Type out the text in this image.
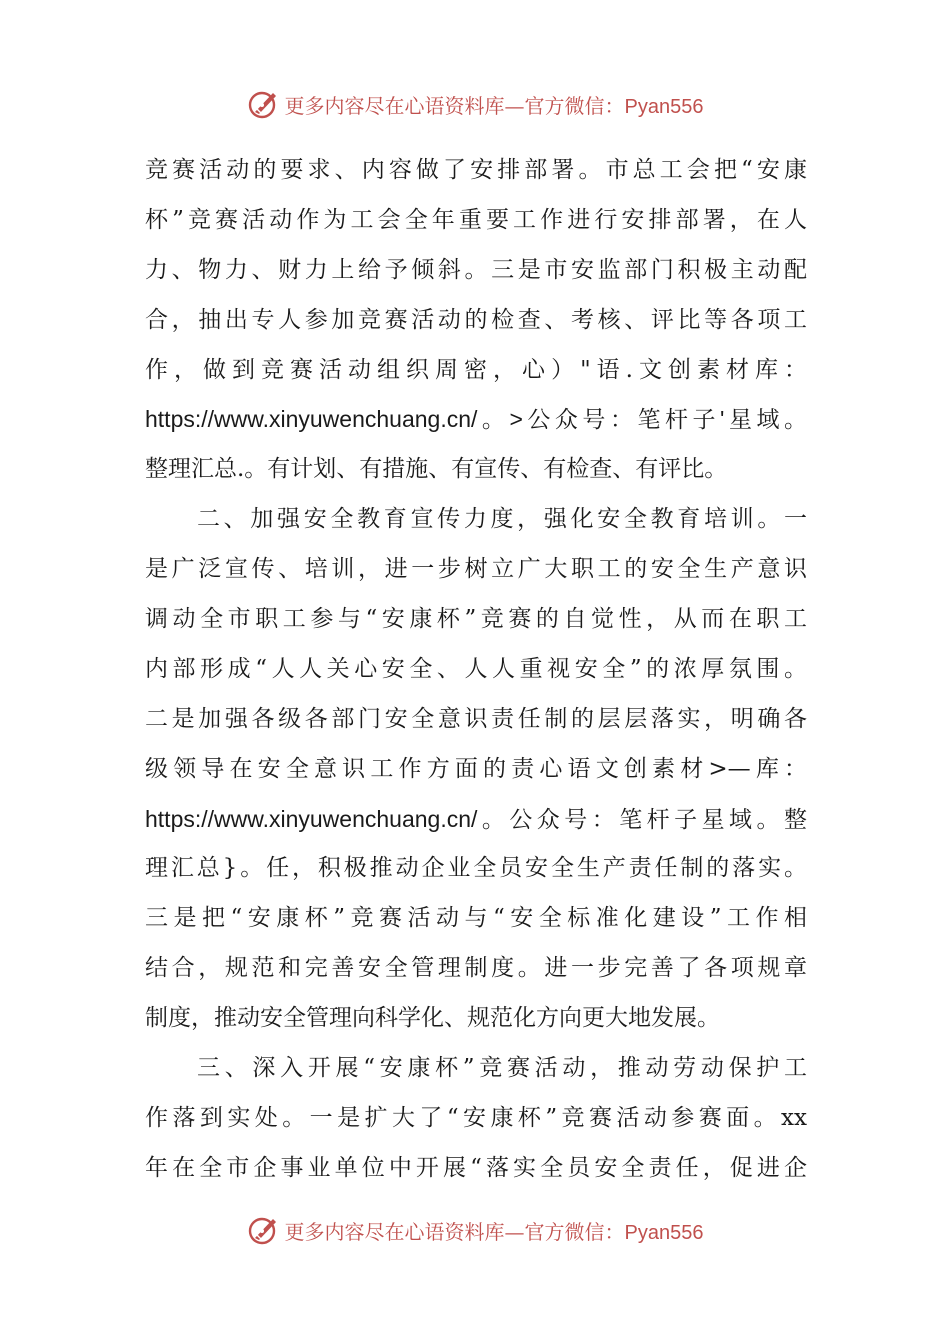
更多内容尽在心语资料库—官方微信：Pyan556
竞赛活动的要求、内容做了安排部署。市总工会把“安康
杯”竞赛活动作为工会全年重要工作进行安排部署，在人
力、物力、财力上给予倾斜。三是市安监部门积极主动配
合，抽出专人参加竞赛活动的检查、考核、评比等各项工
作，做到竞赛活动组织周密，心）"语.文创素材库：
https://www.xinyuwenchuang.cn/。>公众号：笔杆子'星域。
整理汇总.。有计划、有措施、有宣传、有检查、有评比。
二、加强安全教育宣传力度，强化安全教育培训。一
是广泛宣传、培训，进一步树立广大职工的安全生产意识
调动全市职工参与“安康杯”竞赛的自觉性，从而在职工
内部形成“人人关心安全、人人重视安全”的浓厚氛围。
二是加强各级各部门安全意识责任制的层层落实，明确各
级领导在安全意识工作方面的责心语文创素材>—库：
https://www.xinyuwenchuang.cn/。公众号：笔杆子星域。整
理汇总}。任，积极推动企业全员安全生产责任制的落实。
三是把“安康杯”竞赛活动与“安全标准化建设”工作相
结合，规范和完善安全管理制度。进一步完善了各项规章
制度，推动安全管理向科学化、规范化方向更大地发展。
三、深入开展“安康杯”竞赛活动，推动劳动保护工
作落到实处。一是扩大了“安康杯”竞赛活动参赛面。xx
年在全市企事业单位中开展“落实全员安全责任，促进企
更多内容尽在心语资料库—官方微信：Pyan556
